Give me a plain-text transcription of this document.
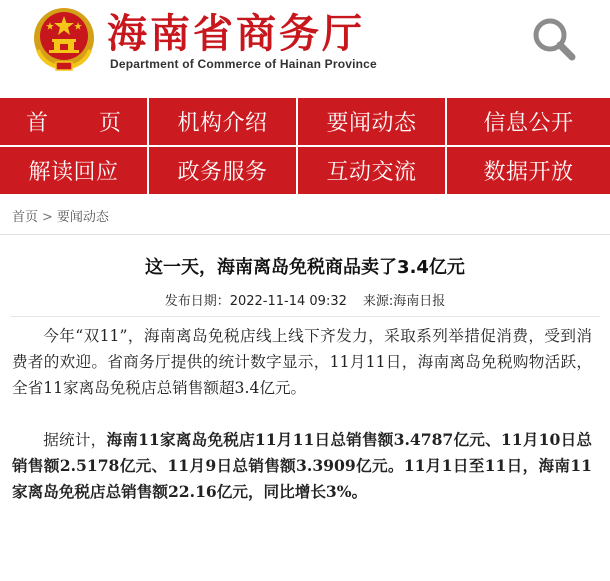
海南省商务厅
Department of Commerce of Hainan Province
首 页	机构介绍	要闻动态	信息公开
解读回应	政务服务	互动交流	数据开放
首页 > 要闻动态
这一天，海南离岛免税商品卖了3.4亿元
发布日期：2022-11-14 09:32 来源:海南日报

今年“双11”，海南离岛免税店线上线下齐发力，采取系列举措促消费，受到消费者的欢迎。省商务厅提供的统计数字显示，11月11日，海南离岛免税购物活跃，全省11家离岛免税店总销售额超3.4亿元。

据统计，海南11家离岛免税店11月11日总销售额3.4787亿元、11月10日总销售额2.5178亿元、11月9日总销售额3.3909亿元。11月1日至11日，海南11家离岛免税店总销售额22.16亿元，同比增长3%。
